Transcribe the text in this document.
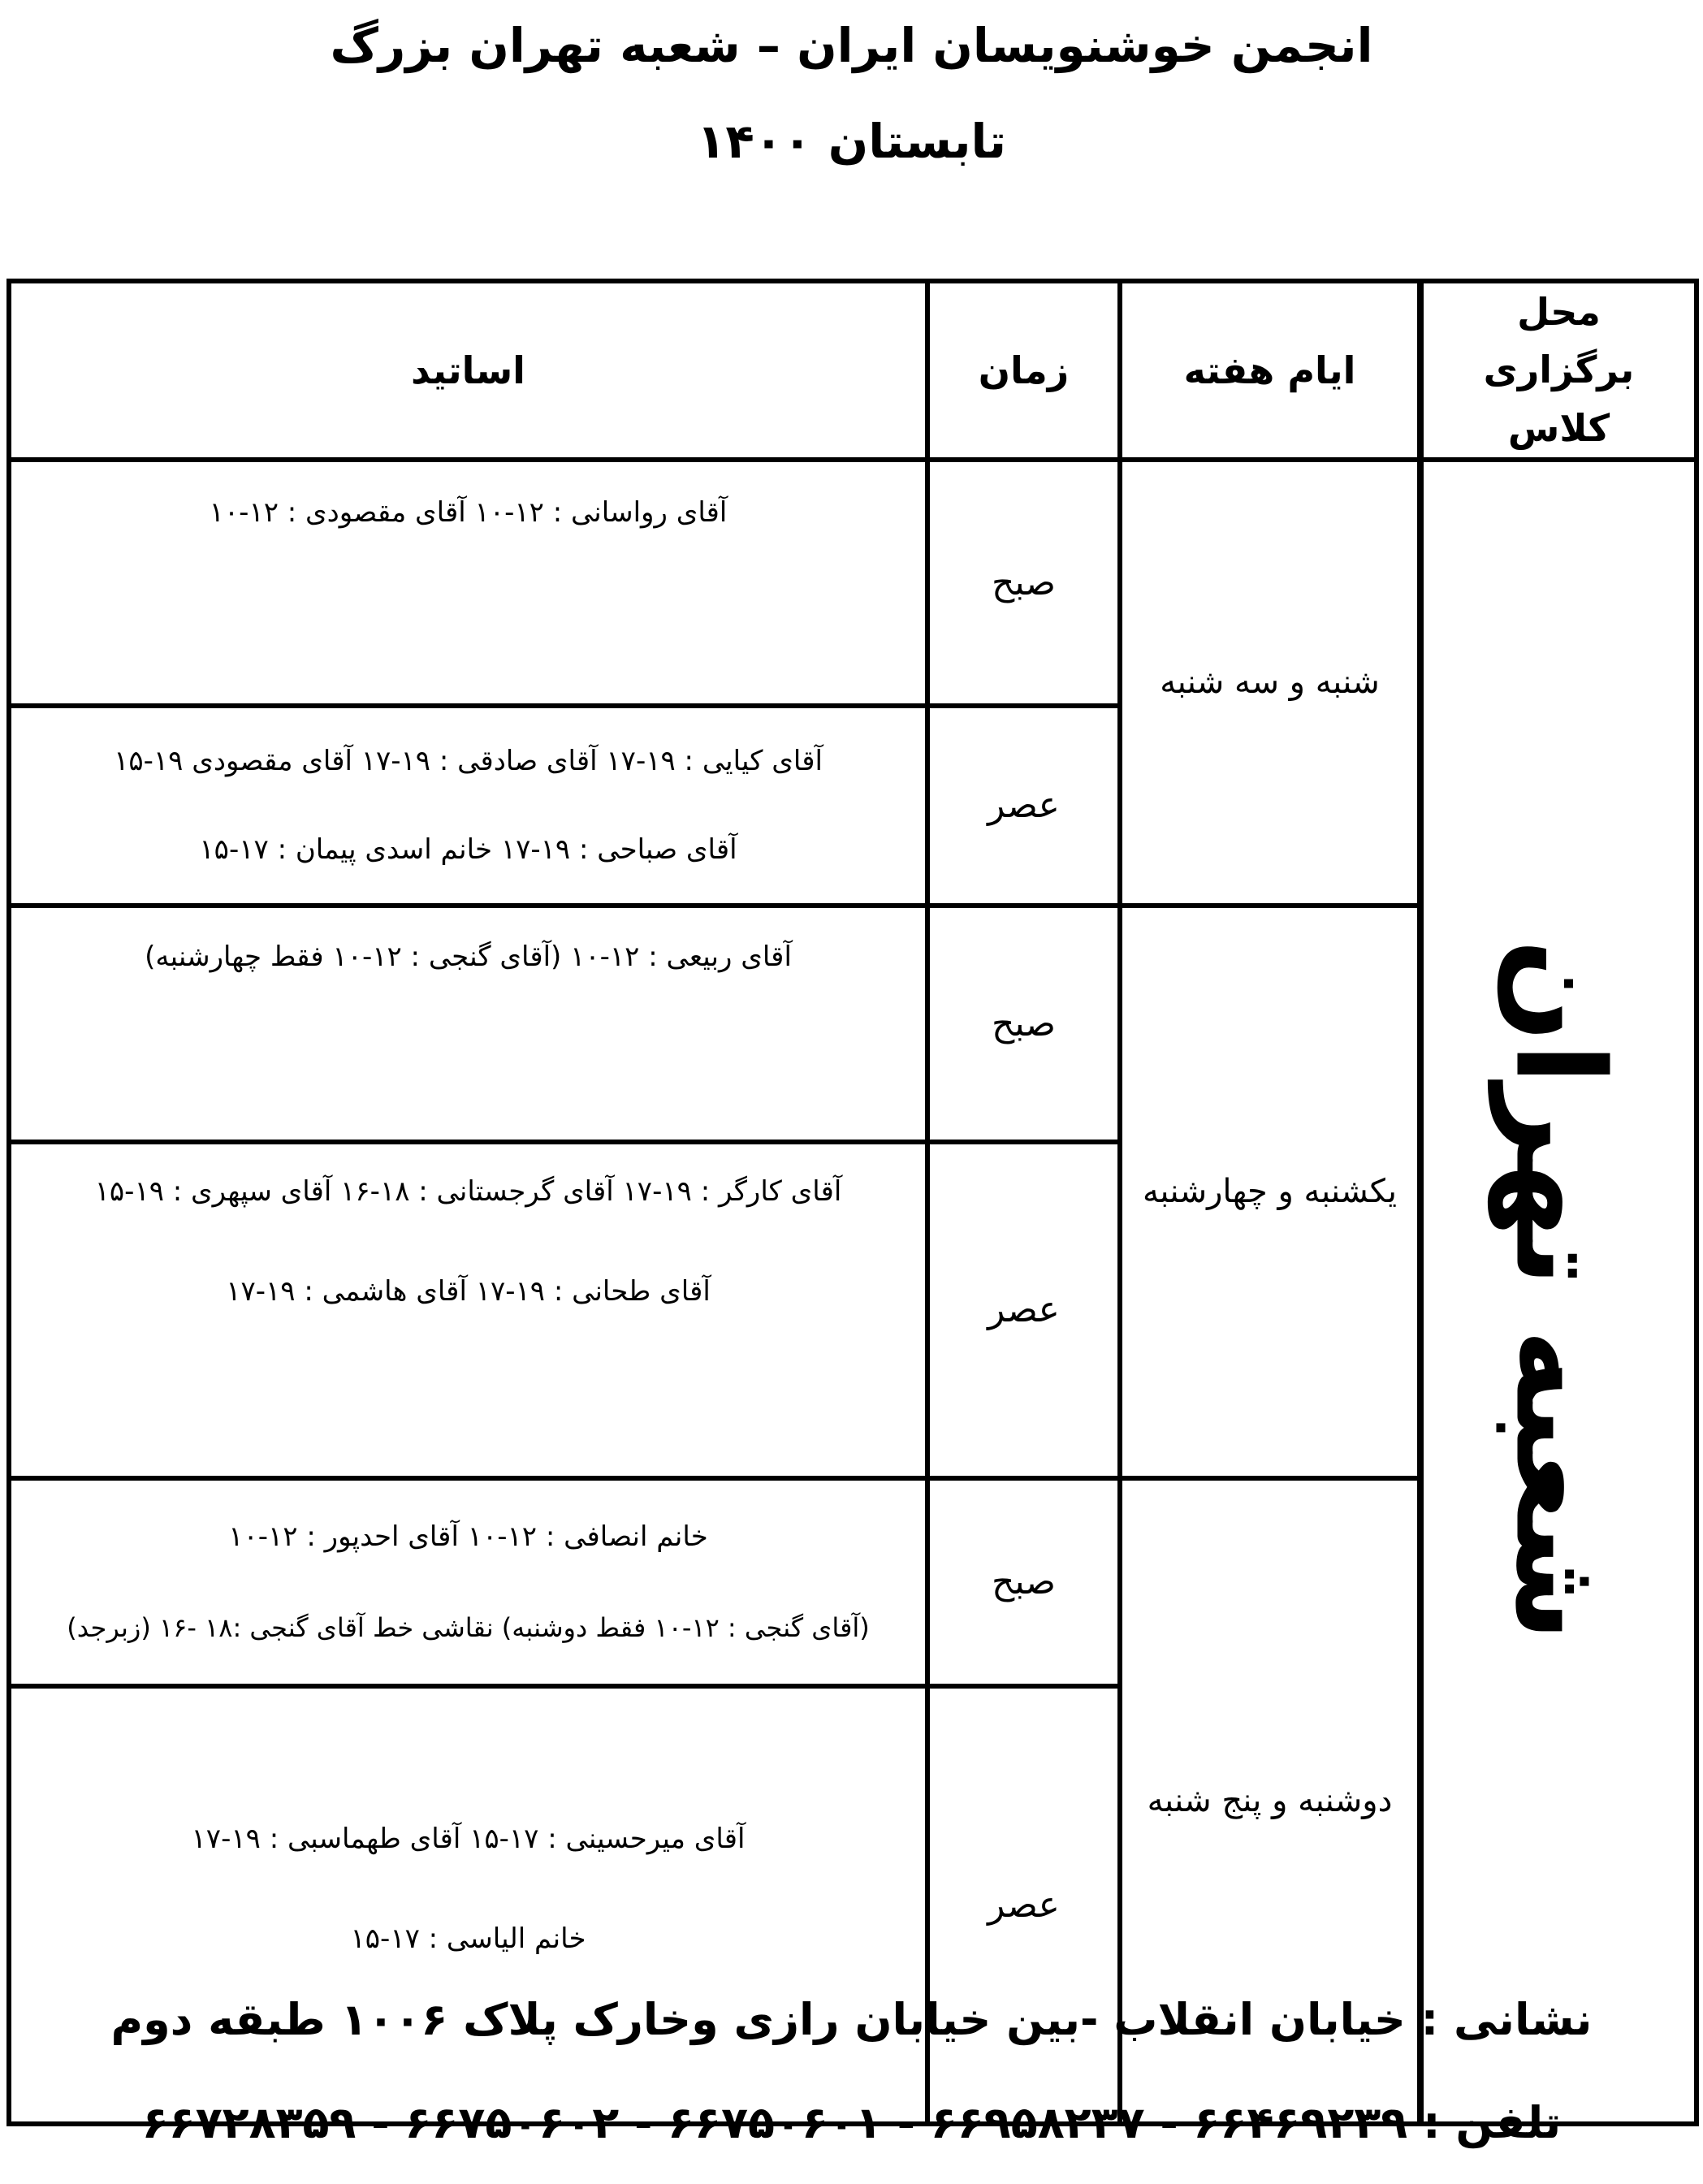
انجمن خوشنویسان ایران – شعبه تهران بزرگ
تابستان ۱۴۰۰
محل برگزاری کلاس	ایام هفته	زمان	اساتید
شعبه تهران	شنبه و سه شنبه	صبح	آقای رواسانی : ۱۲-۱۰ آقای مقصودی : ۱۲-۱۰

		عصر	آقای کیایی : ۱۹-۱۷ آقای صادقی : ۱۹-۱۷ آقای مقصودی ۱۹-۱۵
آقای صباحی : ۱۹-۱۷ خانم اسدی پیمان : ۱۷-۱۵

	یکشنبه و چهارشنبه	صبح	آقای ربیعی : ۱۲-۱۰ (آقای گنجی : ۱۲-۱۰ فقط چهارشنبه)

		عصر	آقای کارگر : ۱۹-۱۷ آقای گرجستانی : ۱۸-۱۶ آقای سپهری : ۱۹-۱۵
آقای طحانی : ۱۹-۱۷ آقای هاشمی : ۱۹-۱۷

	دوشنبه و پنج شنبه	صبح	خانم انصافی : ۱۲-۱۰ آقای احدپور : ۱۲-۱۰
(آقای گنجی : ۱۲-۱۰ فقط دوشنبه) نقاشی خط آقای گنجی :۱۸ -۱۶ (زبرجد)

		عصر	آقای میرحسینی : ۱۷-۱۵ آقای طهماسبی : ۱۹-۱۷
خانم الیاسی : ۱۷-۱۵
نشانی : خیابان انقلاب -بین خیابان رازی وخارک پلاک ۱۰۰۶ طبقه دوم
تلفن : ۶۶۴۶۹۲۳۹ - ۶۶۹۵۸۲۳۷ - ۶۶۷۵۰۶۰۱ - ۶۶۷۵۰۶۰۲ - ۶۶۷۲۸۳۵۹
